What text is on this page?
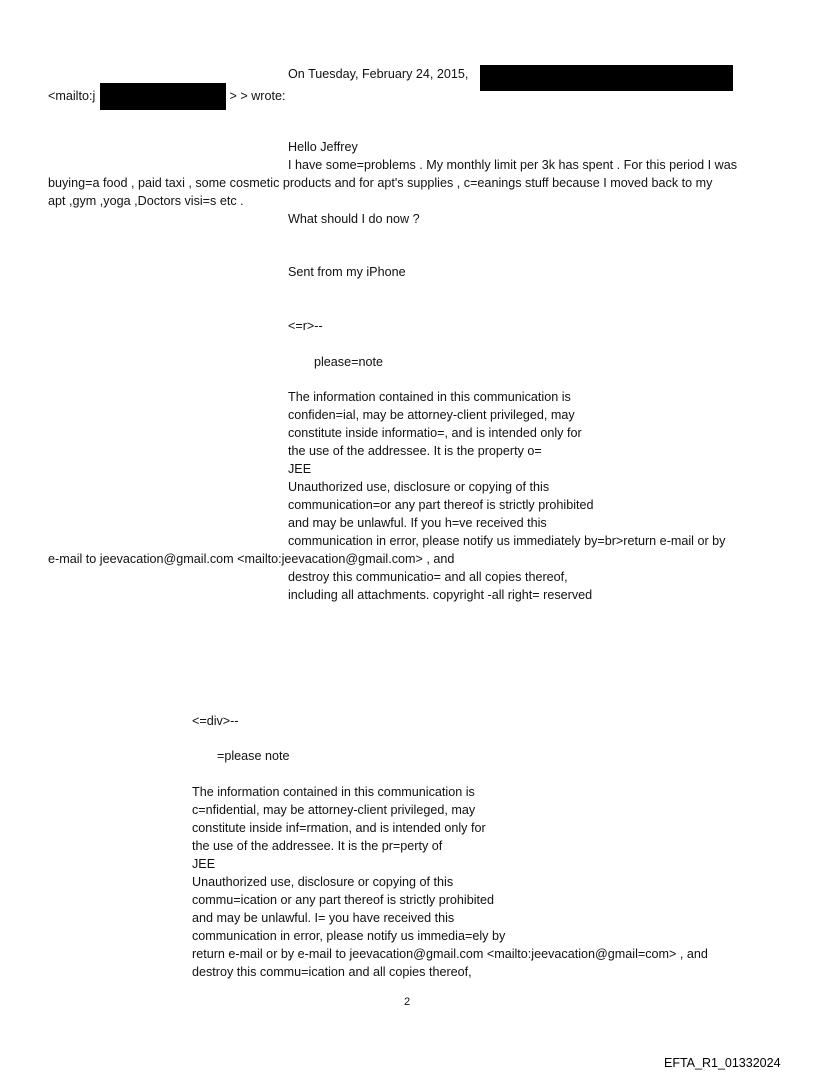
On Tuesday, February 24, 2015,
<mailto:j	> > wrote:
Hello Jeffrey
I have some=problems . My monthly limit per 3k has spent . For this period I was
buying=a food , paid taxi , some cosmetic products and for apt's supplies , c=eanings stuff because I moved back to my
apt ,gym ,yoga ,Doctors visi=s etc .
What should I do now ?
Sent from my iPhone
<=r>--
please=note
The information contained in this communication is
confiden=ial, may be attorney-client privileged, may
constitute inside informatio=, and is intended only for
the use of the addressee. It is the property o=
JEE
Unauthorized use, disclosure or copying of this
communication=or any part thereof is strictly prohibited
and may be unlawful. If you h=ve received this
communication in error, please notify us immediately by=br>return e-mail or by
e-mail to jeevacation@gmail.com <mailto:jeevacation@gmail.com> , and
destroy this communicatio= and all copies thereof,
including all attachments. copyright -all right= reserved
<=div>--
=please note
The information contained in this communication is
c=nfidential, may be attorney-client privileged, may
constitute inside inf=rmation, and is intended only for
the use of the addressee. It is the pr=perty of
JEE
Unauthorized use, disclosure or copying of this
commu=ication or any part thereof is strictly prohibited
and may be unlawful. I= you have received this
communication in error, please notify us immedia=ely by
return e-mail or by e-mail to jeevacation@gmail.com <mailto:jeevacation@gmail=com> , and
destroy this commu=ication and all copies thereof,
2
EFTA_R1_01332024
